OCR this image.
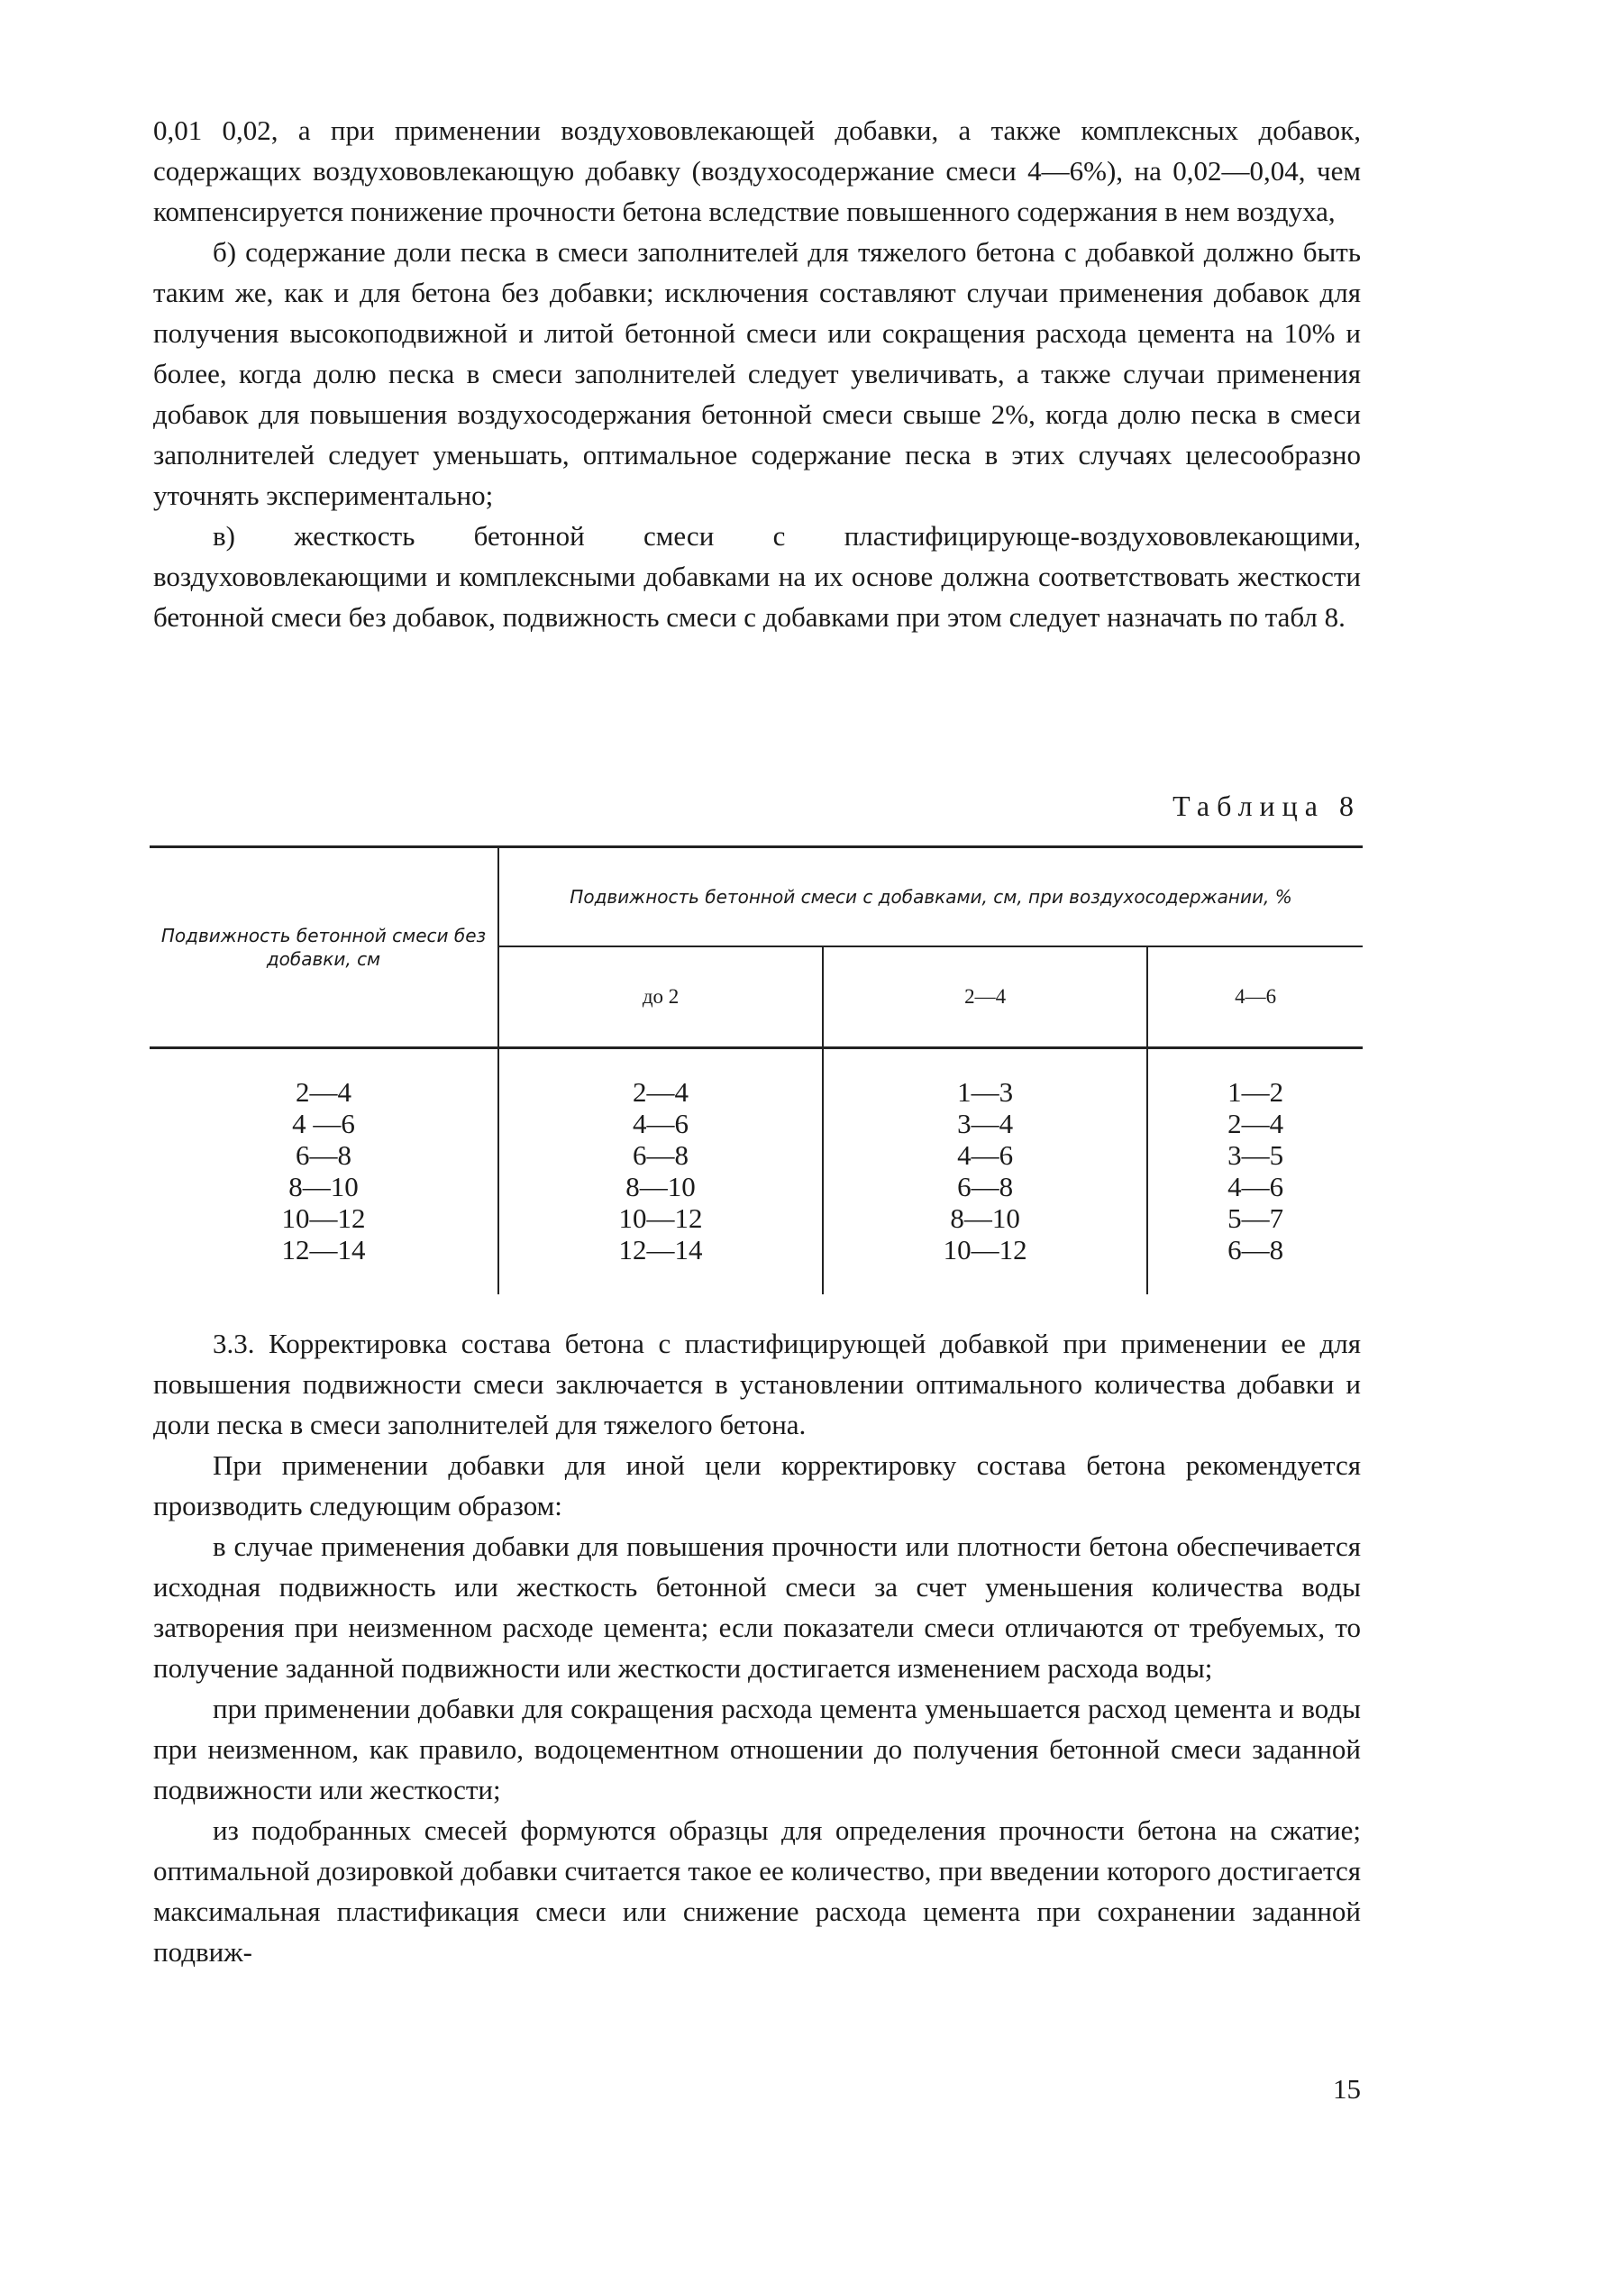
0,01 0,02, а при применении воздухововлекающей добавки, а также комплексных добавок, содержащих воздухововлекающую добавку (воздухосодержание смеси 4—6%), на 0,02—0,04, чем компенсируется понижение прочности бетона вследствие повышенного содержания в нем воздуха,

б) содержание доли песка в смеси заполнителей для тяжелого бетона с добавкой должно быть таким же, как и для бетона без добавки; исключения составляют случаи применения добавок для получения высокоподвижной и литой бетонной смеси или сокращения расхода цемента на 10% и более, когда долю песка в смеси заполнителей следует увеличивать, а также случаи применения добавок для повышения воздухосодержания бетонной смеси свыше 2%, когда долю песка в смеси заполнителей следует уменьшать, оптимальное содержание песка в этих случаях целесообразно уточнять экспериментально;

в) жесткость бетонной смеси с пластифицирующе-воздухововлекающими, воздухововлекающими и комплексными добавками на их основе должна соответствовать жесткости бетонной смеси без добавок, подвижность смеси с добавками при этом следует назначать по табл 8.

Таблица 8
Подвижность бетонной смеси без добавки, см	Подвижность бетонной смеси с добавками, см, при воздухосодержании, %		
	до 2	2—4	4—6
2—4	2—4	1—3	1—2
4 —6	4—6	3—4	2—4
6—8	6—8	4—6	3—5
8—10	8—10	6—8	4—6
10—12	10—12	8—10	5—7
12—14	12—14	10—12	6—8

3.3. Корректировка состава бетона с пластифицирующей добавкой при применении ее для повышения подвижности смеси заключается в установлении оптимального количества добавки и доли песка в смеси заполнителей для тяжелого бетона.

При применении добавки для иной цели корректировку состава бетона рекомендуется производить следующим образом:

в случае применения добавки для повышения прочности или плотности бетона обеспечивается исходная подвижность или жесткость бетонной смеси за счет уменьшения количества воды затворения при неизменном расходе цемента; если показатели смеси отличаются от требуемых, то получение заданной подвижности или жесткости достигается изменением расхода воды;

при применении добавки для сокращения расхода цемента уменьшается расход цемента и воды при неизменном, как правило, водоцементном отношении до получения бетонной смеси заданной подвижности или жесткости;

из подобранных смесей формуются образцы для определения прочности бетона на сжатие; оптимальной дозировкой добавки считается такое ее количество, при введении которого достигается максимальная пластификация смеси или снижение расхода цемента при сохранении заданной подвиж-

15
